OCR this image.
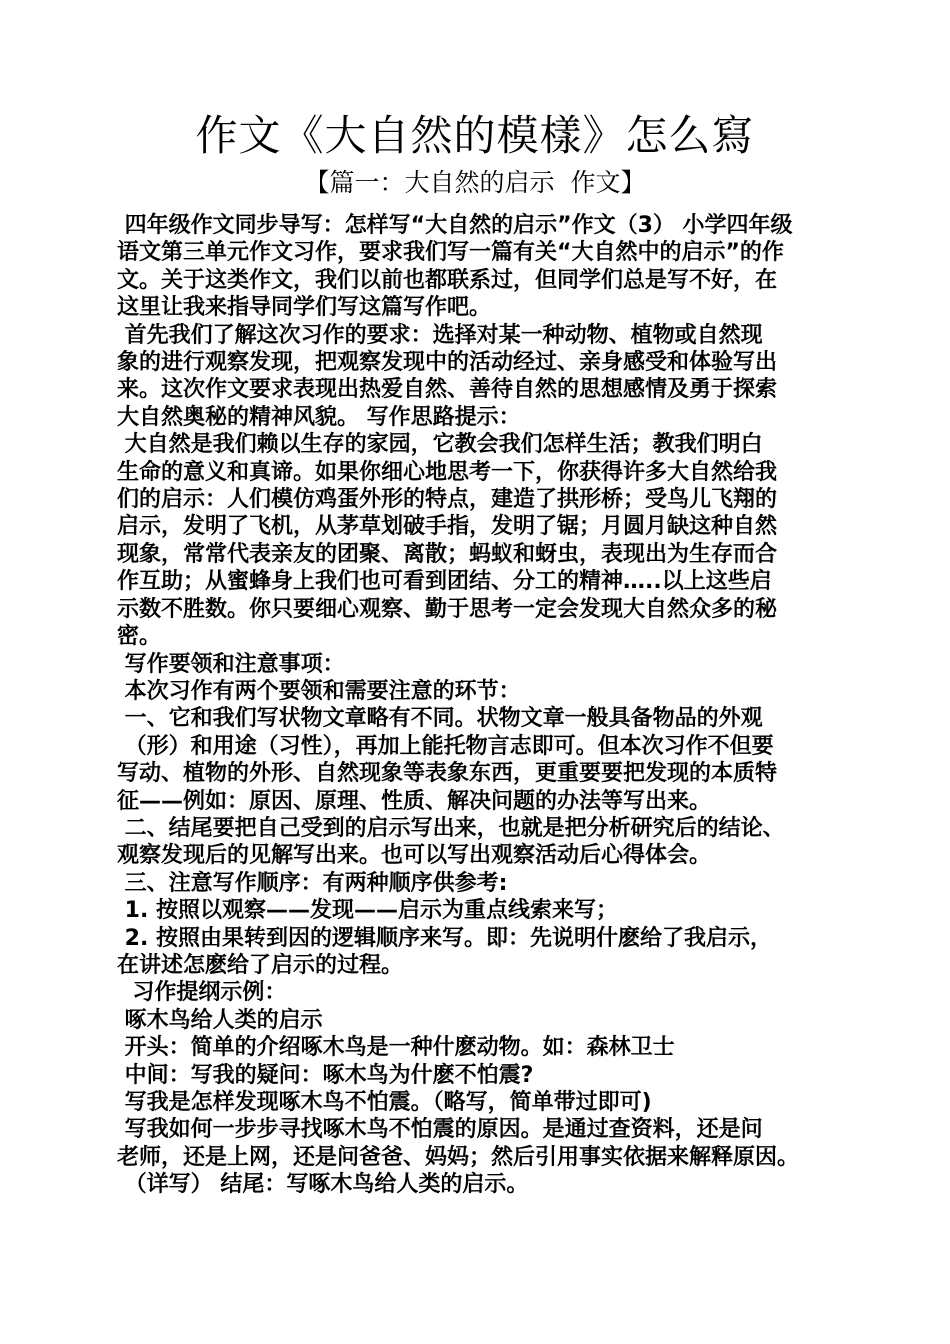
作文《大自然的模樣》怎么寫
【篇一：大自然的启示  作文】

四年级作文同步导写：怎样写“大自然的启示”作文（3） 小学四年级

语文第三单元作文习作，要求我们写一篇有关“大自然中的启示”的作

文。关于这类作文，我们以前也都联系过，但同学们总是写不好，在

这里让我来指导同学们写这篇写作吧。

首先我们了解这次习作的要求：选择对某一种动物、植物或自然现

象的进行观察发现，把观察发现中的活动经过、亲身感受和体验写出

来。这次作文要求表现出热爱自然、善待自然的思想感情及勇于探索

大自然奥秘的精神风貌。 写作思路提示：

大自然是我们赖以生存的家园，它教会我们怎样生活；教我们明白

生命的意义和真谛。如果你细心地思考一下，你获得许多大自然给我

们的启示：人们模仿鸡蛋外形的特点，建造了拱形桥；受鸟儿飞翔的

启示，发明了飞机，从茅草划破手指，发明了锯；月圆月缺这种自然

现象，常常代表亲友的团聚、离散；蚂蚁和蚜虫，表现出为生存而合

作互助；从蜜蜂身上我们也可看到团结、分工的精神…..以上这些启

示数不胜数。你只要细心观察、勤于思考一定会发现大自然众多的秘

密。

写作要领和注意事项：

本次习作有两个要领和需要注意的环节：

一、它和我们写状物文章略有不同。状物文章一般具备物品的外观

（形）和用途（习性），再加上能托物言志即可。但本次习作不但要

写动、植物的外形、自然现象等表象东西，更重要要把发现的本质特

征——例如：原因、原理、性质、解决问题的办法等写出来。

二、结尾要把自己受到的启示写出来，也就是把分析研究后的结论、

观察发现后的见解写出来。也可以写出观察活动后心得体会。

三、注意写作顺序：有两种顺序供参考:

1. 按照以观察——发现——启示为重点线索来写；

2. 按照由果转到因的逻辑顺序来写。即：先说明什麽给了我启示，

在讲述怎麽给了启示的过程。

习作提纲示例：

啄木鸟给人类的启示

开头：简单的介绍啄木鸟是一种什麽动物。如：森林卫士

中间：写我的疑问：啄木鸟为什麽不怕震?

写我是怎样发现啄木鸟不怕震。（略写，简单带过即可)

写我如何一步步寻找啄木鸟不怕震的原因。是通过查资料，还是问

老师，还是上网，还是问爸爸、妈妈；然后引用事实依据来解释原因。

（详写） 结尾：写啄木鸟给人类的启示。
